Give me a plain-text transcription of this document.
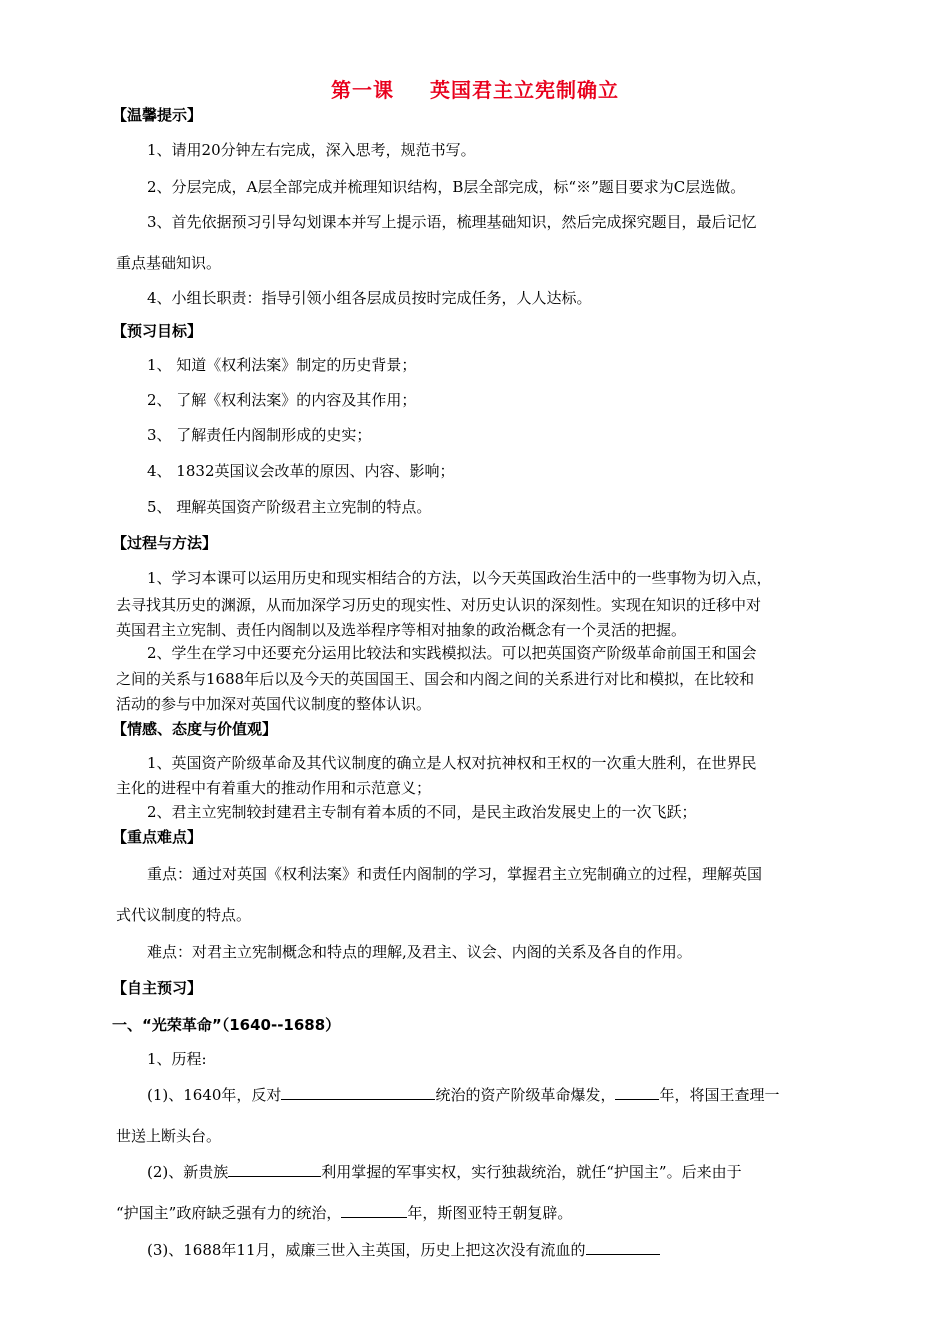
第一课 英国君主立宪制确立
【温馨提示】
1、请用20分钟左右完成，深入思考，规范书写。
2、分层完成，A层全部完成并梳理知识结构，B层全部完成，标“※”题目要求为C层选做。
3、首先依据预习引导勾划课本并写上提示语，梳理基础知识，然后完成探究题目，最后记忆
重点基础知识。
4、小组长职责：指导引领小组各层成员按时完成任务，人人达标。
【预习目标】
1、 知道《权利法案》制定的历史背景；
2、 了解《权利法案》的内容及其作用；
3、 了解责任内阁制形成的史实；
4、 1832英国议会改革的原因、内容、影响；
5、 理解英国资产阶级君主立宪制的特点。
【过程与方法】
1、学习本课可以运用历史和现实相结合的方法，以今天英国政治生活中的一些事物为切入点，
去寻找其历史的渊源，从而加深学习历史的现实性、对历史认识的深刻性。实现在知识的迁移中对
英国君主立宪制、责任内阁制以及选举程序等相对抽象的政治概念有一个灵活的把握。
2、学生在学习中还要充分运用比较法和实践模拟法。可以把英国资产阶级革命前国王和国会
之间的关系与1688年后以及今天的英国国王、国会和内阁之间的关系进行对比和模拟，在比较和
活动的参与中加深对英国代议制度的整体认识。
【情感、态度与价值观】
1、英国资产阶级革命及其代议制度的确立是人权对抗神权和王权的一次重大胜利，在世界民
主化的进程中有着重大的推动作用和示范意义；
2、君主立宪制较封建君主专制有着本质的不同，是民主政治发展史上的一次飞跃；
【重点难点】
重点：通过对英国《权利法案》和责任内阁制的学习，掌握君主立宪制确立的过程，理解英国
式代议制度的特点。
难点：对君主立宪制概念和特点的理解,及君主、议会、内阁的关系及各自的作用。
【自主预习】
一、“光荣革命”（1640--1688）
1、历程:
(1)、1640年，反对	统治的资产阶级革命爆发，	年，将国王查理一
世送上断头台。
(2)、新贵族	利用掌握的军事实权，实行独裁统治，就任“护国主”。后来由于
“护国主”政府缺乏强有力的统治，	年，斯图亚特王朝复辟。
(3)、1688年11月，威廉三世入主英国，历史上把这次没有流血的
